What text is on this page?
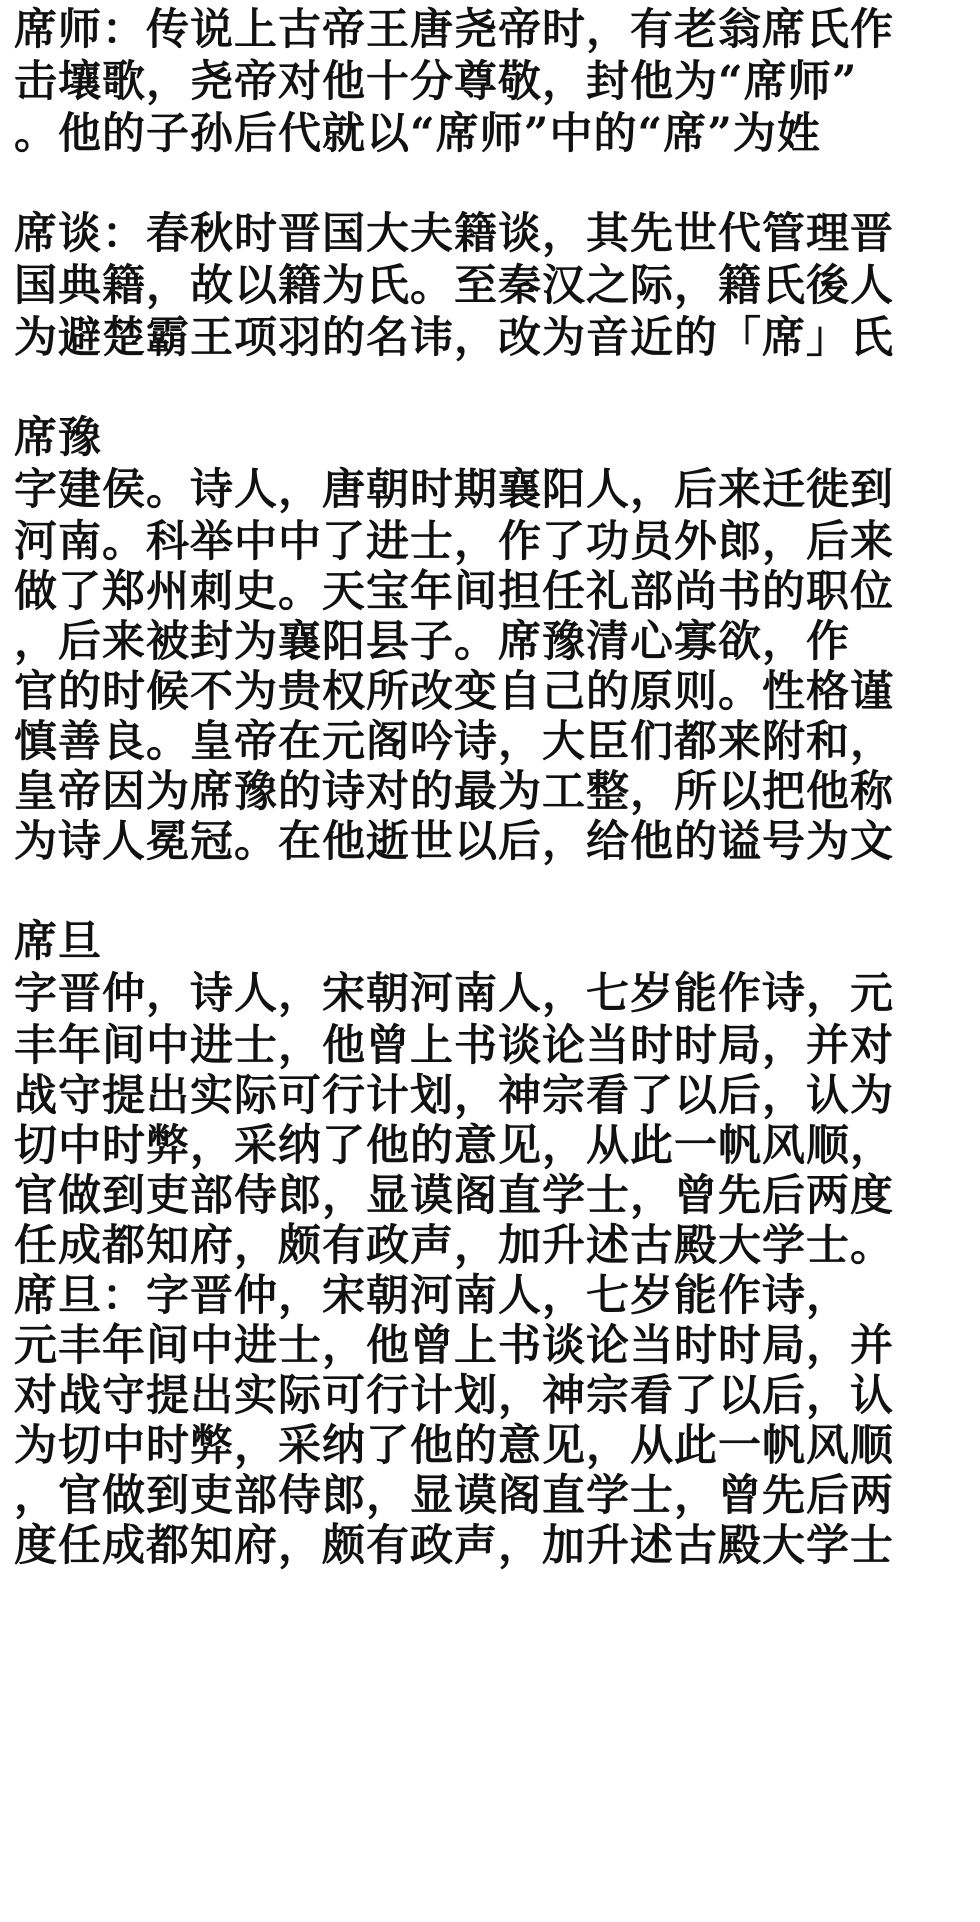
席师：传说上古帝王唐尧帝时，有老翁席氏作
击壤歌，尧帝对他十分尊敬，封他为“席师”
。他的子孙后代就以“席师”中的“席”为姓
席谈：春秋时晋国大夫籍谈，其先世代管理晋
国典籍，故以籍为氏。至秦汉之际，籍氏後人
为避楚霸王项羽的名讳，改为音近的「席」氏
席豫
字建侯。诗人，唐朝时期襄阳人，后来迁徙到
河南。科举中中了进士，作了功员外郎，后来
做了郑州刺史。天宝年间担任礼部尚书的职位
，后来被封为襄阳县子。席豫清心寡欲，作
官的时候不为贵权所改变自己的原则。性格谨
慎善良。皇帝在元阁吟诗，大臣们都来附和，
皇帝因为席豫的诗对的最为工整，所以把他称
为诗人冕冠。在他逝世以后，给他的谥号为文
席旦
字晋仲，诗人，宋朝河南人，七岁能作诗，元
丰年间中进士，他曾上书谈论当时时局，并对
战守提出实际可行计划，神宗看了以后，认为
切中时弊，采纳了他的意见，从此一帆风顺，
官做到吏部侍郎，显谟阁直学士，曾先后两度
任成都知府，颇有政声，加升述古殿大学士。
席旦：字晋仲，宋朝河南人，七岁能作诗，
元丰年间中进士，他曾上书谈论当时时局，并
对战守提出实际可行计划，神宗看了以后，认
为切中时弊，采纳了他的意见，从此一帆风顺
，官做到吏部侍郎，显谟阁直学士，曾先后两
度任成都知府，颇有政声，加升述古殿大学士
